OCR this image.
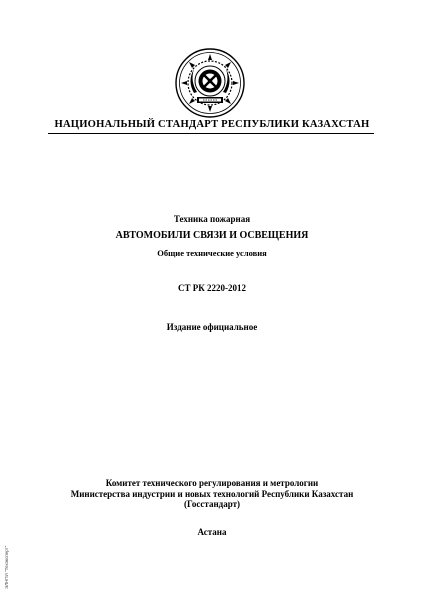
НАЦИОНАЛЬНЫЙ СТАНДАРТ РЕСПУБЛИКИ КАЗАХСТАН
Техника пожарная
АВТОМОБИЛИ СВЯЗИ И ОСВЕЩЕНИЯ
Общие технические условия
СТ РК 2220-2012
Издание официальное
Комитет технического регулирования и метрологии
Министерства индустрии и новых технологий Республики Казахстан
(Госстандарт)
Астана
ЭЛНПИ "Техэксперт"
